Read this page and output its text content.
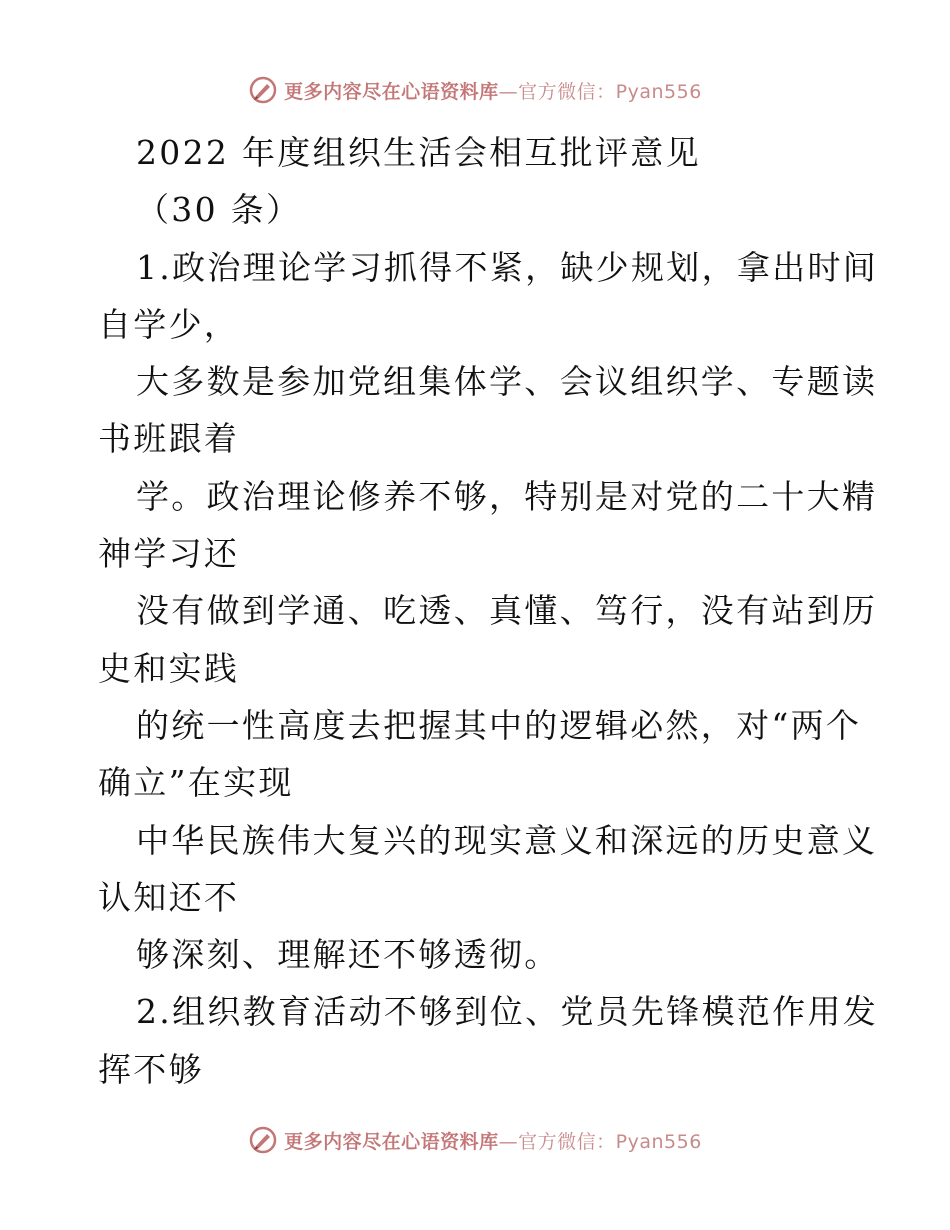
更多内容尽在心语资料库—官方微信：Pyan556
2022 年度组织生活会相互批评意见
（30 条）
1.政治理论学习抓得不紧，缺少规划，拿出时间
自学少，
大多数是参加党组集体学、会议组织学、专题读
书班跟着
学。政治理论修养不够，特别是对党的二十大精
神学习还
没有做到学通、吃透、真懂、笃行，没有站到历
史和实践
的统一性高度去把握其中的逻辑必然，对“两个
确立”在实现
中华民族伟大复兴的现实意义和深远的历史意义
认知还不
够深刻、理解还不够透彻。
2.组织教育活动不够到位、党员先锋模范作用发
挥不够
更多内容尽在心语资料库—官方微信：Pyan556
